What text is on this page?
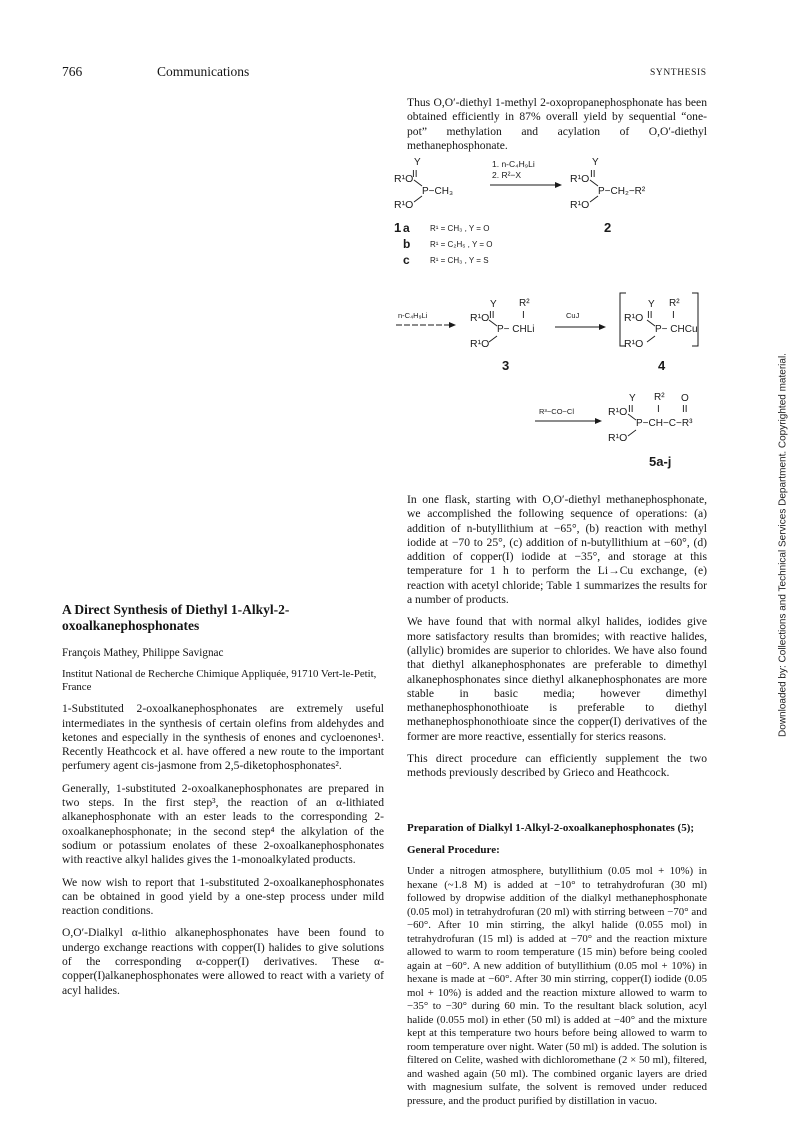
766	Communications	SYNTHESIS

Thus O,O′-diethyl 1-methyl 2-oxopropanephosphonate has been obtained efficiently in 87% overall yield by sequential “one-pot” methylation and acylation of O,O′-diethyl methanephosphonate.

Y
II
R¹O
P−CH₃
R¹O
1. n-C₄H₉Li
2. R²−X
Y
II
R¹O
P−CH₂−R²
R¹O
1 a	R¹ = CH₃ , Y = O
b R¹ = C₂H₅ , Y = O
c	R¹ = CH₃ , Y = S
2
n-C₄H₉Li
Y R²
II	I
R¹O
P− CHLi
R¹O
3
CuJ
Y R²
II I
R¹O
P− CHCu
R¹O
4
R³−CO−Cl
Y R² O
II I II
R¹O
P−CH−C−R³
R¹O
5a-j

In one flask, starting with O,O′-diethyl methanephosphonate, we accomplished the following sequence of operations: (a) addition of n-butyllithium at −65°, (b) reaction with methyl iodide at −70 to 25°, (c) addition of n-butyllithium at −60°, (d) addition of copper(I) iodide at −35°, and storage at this temperature for 1 h to perform the Li→Cu exchange, (e) reaction with acetyl chloride; Table 1 summarizes the results for a number of products.

We have found that with normal alkyl halides, iodides give more satisfactory results than bromides; with reactive halides, (allylic) bromides are superior to chlorides. We have also found that diethyl alkanephosphonates are preferable to dimethyl alkanephosphonates since diethyl alkanephosphonates are more stable in basic media; however dimethyl methanephosphonothioate is preferable to diethyl methanephosphonothioate since the copper(I) derivatives of the former are more reactive, essentially for sterics reasons.

This direct procedure can efficiently supplement the two methods previously described by Grieco and Heathcock.

A Direct Synthesis of Diethyl 1-Alkyl-2-oxoalkanephosphonates

François Mathey, Philippe Savignac

Institut National de Recherche Chimique Appliquée, 91710 Vert-le-Petit, France

1-Substituted 2-oxoalkanephosphonates are extremely useful intermediates in the synthesis of certain olefins from aldehydes and ketones and especially in the synthesis of enones and cycloenones¹. Recently Heathcock et al. have offered a new route to the important perfumery agent cis-jasmone from 2,5-diketophosphonates².

Generally, 1-substituted 2-oxoalkanephosphonates are prepared in two steps. In the first step³, the reaction of an α-lithiated alkanephosphonate with an ester leads to the corresponding 2-oxoalkanephosphonate; in the second step⁴ the alkylation of the sodium or potassium enolates of these 2-oxoalkanephosphonates with reactive alkyl halides gives the 1-monoalkylated products.

We now wish to report that 1-substituted 2-oxoalkanephosphonates can be obtained in good yield by a one-step process under mild reaction conditions.

O,O′-Dialkyl α-lithio alkanephosphonates have been found to undergo exchange reactions with copper(I) halides to give solutions of the corresponding α-copper(I) derivatives. These α-copper(I)alkanephosphonates were allowed to react with a variety of acyl halides.

Preparation of Dialkyl 1-Alkyl-2-oxoalkanephosphonates (5);

General Procedure:

Under a nitrogen atmosphere, butyllithium (0.05 mol + 10%) in hexane (~1.8 M) is added at −10° to tetrahydrofuran (30 ml) followed by dropwise addition of the dialkyl methanephosphonate (0.05 mol) in tetrahydrofuran (20 ml) with stirring between −70° and −60°. After 10 min stirring, the alkyl halide (0.055 mol) in tetrahydrofuran (15 ml) is added at −70° and the reaction mixture allowed to warm to room temperature (15 min) before being cooled again at −60°. A new addition of butyllithium (0.05 mol + 10%) in hexane is made at −60°. After 30 min stirring, copper(I) iodide (0.05 mol + 10%) is added and the reaction mixture allowed to warm to −35° to −30° during 60 min. To the resultant black solution, acyl halide (0.055 mol) in ether (50 ml) is added at −40° and the mixture kept at this temperature two hours before being allowed to warm to room temperature over night. Water (50 ml) is added. The solution is filtered on Celite, washed with dichloromethane (2 × 50 ml), filtered, and washed again (50 ml). The combined organic layers are dried with magnesium sulfate, the solvent is removed under reduced pressure, and the product purified by distillation in vacuo.

Downloaded by: Collections and Technical Services Department. Copyrighted material.
